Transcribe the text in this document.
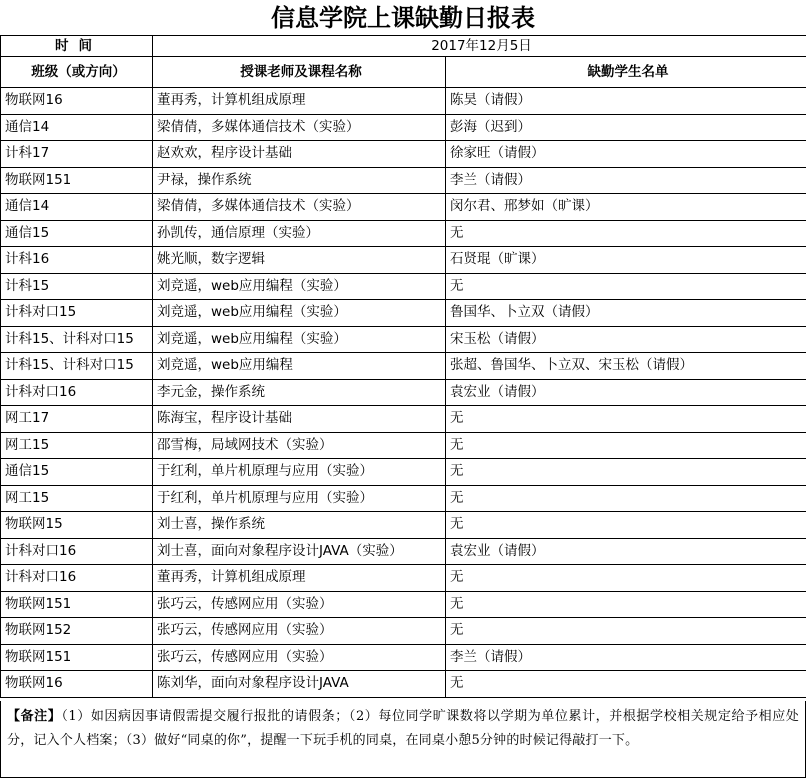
信息学院上课缺勤日报表
时间	2017年12月5日	
班级（或方向）	授课老师及课程名称	缺勤学生名单
物联网16	董再秀，计算机组成原理	陈昊（请假）
通信14	梁倩倩，多媒体通信技术（实验）	彭海（迟到）
计科17	赵欢欢，程序设计基础	徐家旺（请假）
物联网151	尹禄，操作系统	李兰（请假）
通信14	梁倩倩，多媒体通信技术（实验）	闵尔君、邢梦如（旷课）
通信15	孙凯传，通信原理（实验）	无
计科16	姚光顺，数字逻辑	石贤琨（旷课）
计科15	刘竞遥，web应用编程（实验）	无
计科对口15	刘竞遥，web应用编程（实验）	鲁国华、卜立双（请假）
计科15、计科对口15	刘竞遥，web应用编程（实验）	宋玉松（请假）
计科15、计科对口15	刘竞遥，web应用编程	张超、鲁国华、卜立双、宋玉松（请假）
计科对口16	李元金，操作系统	袁宏业（请假）
网工17	陈海宝，程序设计基础	无
网工15	邵雪梅，局域网技术（实验）	无
通信15	于红利，单片机原理与应用（实验）	无
网工15	于红利，单片机原理与应用（实验）	无
物联网15	刘士喜，操作系统	无
计科对口16	刘士喜，面向对象程序设计JAVA（实验）	袁宏业（请假）
计科对口16	董再秀，计算机组成原理	无
物联网151	张巧云，传感网应用（实验）	无
物联网152	张巧云，传感网应用（实验）	无
物联网151	张巧云，传感网应用（实验）	李兰（请假）
物联网16	陈刘华，面向对象程序设计JAVA	无
【备注】（1）如因病因事请假需提交履行报批的请假条；（2）每位同学旷课数将以学期为单位累计，并根据学校相关规定给予相应处分，记入个人档案；（3）做好“同桌的你”，提醒一下玩手机的同桌，在同桌小憩5分钟的时候记得敲打一下。
